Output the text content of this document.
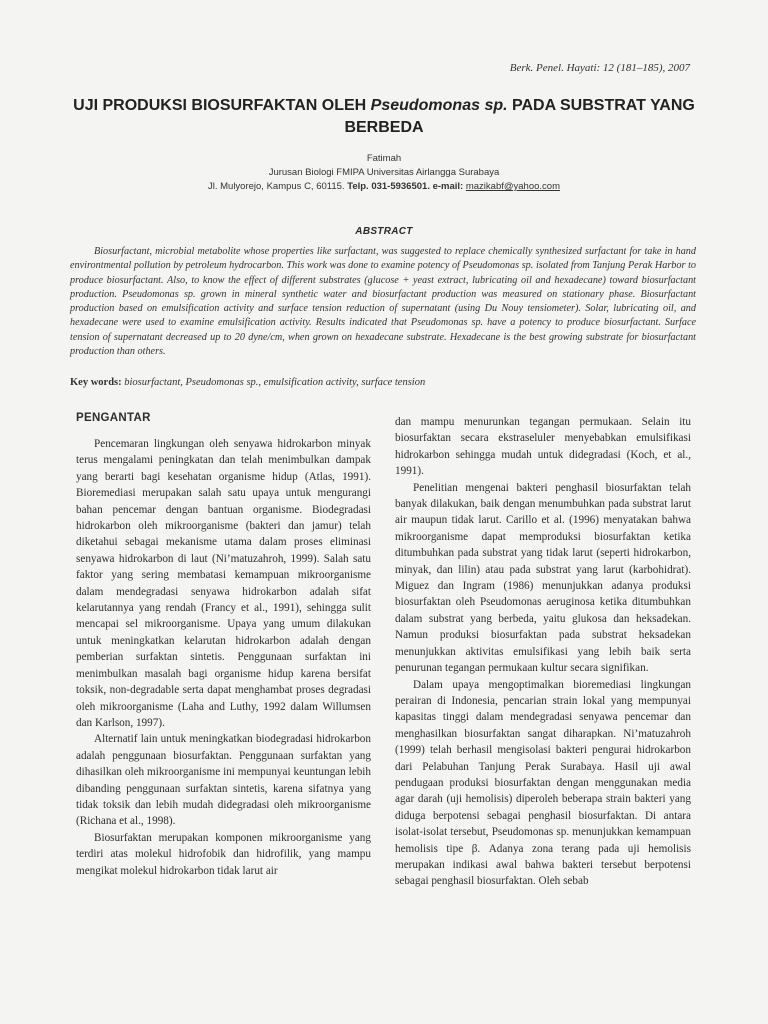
Berk. Penel. Hayati: 12 (181–185), 2007
UJI PRODUKSI BIOSURFAKTAN OLEH Pseudomonas sp. PADA SUBSTRAT YANG BERBEDA
Fatimah
Jurusan Biologi FMIPA Universitas Airlangga Surabaya
Jl. Mulyorejo, Kampus C, 60115. Telp. 031-5936501. e-mail: mazikabf@yahoo.com
ABSTRACT

Biosurfactant, microbial metabolite whose properties like surfactant, was suggested to replace chemically synthesized surfactant for take in hand environtmental pollution by petroleum hydrocarbon. This work was done to examine potency of Pseudomonas sp. isolated from Tanjung Perak Harbor to produce biosurfactant. Also, to know the effect of different substrates (glucose + yeast extract, lubricating oil and hexadecane) toward biosurfactant production. Pseudomonas sp. grown in mineral synthetic water and biosurfactant production was measured on stationary phase. Biosurfactant production based on emulsification activity and surface tension reduction of supernatant (using Du Nouy tensiometer). Solar, lubricating oil, and hexadecane were used to examine emulsification activity. Results indicated that Pseudomonas sp. have a potency to produce biosurfactant. Surface tension of supernatant decreased up to 20 dyne/cm, when grown on hexadecane substrate. Hexadecane is the best growing substrate for biosurfactant production than others.

Key words: biosurfactant, Pseudomonas sp., emulsification activity, surface tension
PENGANTAR

Pencemaran lingkungan oleh senyawa hidrokarbon minyak terus mengalami peningkatan dan telah menimbulkan dampak yang berarti bagi kesehatan organisme hidup (Atlas, 1991). Bioremediasi merupakan salah satu upaya untuk mengurangi bahan pencemar dengan bantuan organisme. Biodegradasi hidrokarbon oleh mikroorganisme (bakteri dan jamur) telah diketahui sebagai mekanisme utama dalam proses eliminasi senyawa hidrokarbon di laut (Ni’matuzahroh, 1999). Salah satu faktor yang sering membatasi kemampuan mikroorganisme dalam mendegradasi senyawa hidrokarbon adalah sifat kelarutannya yang rendah (Francy et al., 1991), sehingga sulit mencapai sel mikroorganisme. Upaya yang umum dilakukan untuk meningkatkan kelarutan hidrokarbon adalah dengan pemberian surfaktan sintetis. Penggunaan surfaktan ini menimbulkan masalah bagi organisme hidup karena bersifat toksik, non-degradable serta dapat menghambat proses degradasi oleh mikroorganisme (Laha and Luthy, 1992 dalam Willumsen dan Karlson, 1997).

Alternatif lain untuk meningkatkan biodegradasi hidrokarbon adalah penggunaan biosurfaktan. Penggunaan surfaktan yang dihasilkan oleh mikroorganisme ini mempunyai keuntungan lebih dibanding penggunaan surfaktan sintetis, karena sifatnya yang tidak toksik dan lebih mudah didegradasi oleh mikroorganisme (Richana et al., 1998).

Biosurfaktan merupakan komponen mikroorganisme yang terdiri atas molekul hidrofobik dan hidrofilik, yang mampu mengikat molekul hidrokarbon tidak larut air

dan mampu menurunkan tegangan permukaan. Selain itu biosurfaktan secara ekstraseluler menyebabkan emulsifikasi hidrokarbon sehingga mudah untuk didegradasi (Koch, et al., 1991).

Penelitian mengenai bakteri penghasil biosurfaktan telah banyak dilakukan, baik dengan menumbuhkan pada substrat larut air maupun tidak larut. Carillo et al. (1996) menyatakan bahwa mikroorganisme dapat memproduksi biosurfaktan ketika ditumbuhkan pada substrat yang tidak larut (seperti hidrokarbon, minyak, dan lilin) atau pada substrat yang larut (karbohidrat). Miguez dan Ingram (1986) menunjukkan adanya produksi biosurfaktan oleh Pseudomonas aeruginosa ketika ditumbuhkan dalam substrat yang berbeda, yaitu glukosa dan heksadekan. Namun produksi biosurfaktan pada substrat heksadekan menunjukkan aktivitas emulsifikasi yang lebih baik serta penurunan tegangan permukaan kultur secara signifikan.

Dalam upaya mengoptimalkan bioremediasi lingkungan perairan di Indonesia, pencarian strain lokal yang mempunyai kapasitas tinggi dalam mendegradasi senyawa pencemar dan menghasilkan biosurfaktan sangat diharapkan. Ni’matuzahroh (1999) telah berhasil mengisolasi bakteri pengurai hidrokarbon dari Pelabuhan Tanjung Perak Surabaya. Hasil uji awal pendugaan produksi biosurfaktan dengan menggunakan media agar darah (uji hemolisis) diperoleh beberapa strain bakteri yang diduga berpotensi sebagai penghasil biosurfaktan. Di antara isolat-isolat tersebut, Pseudomonas sp. menunjukkan kemampuan hemolisis tipe β. Adanya zona terang pada uji hemolisis merupakan indikasi awal bahwa bakteri tersebut berpotensi sebagai penghasil biosurfaktan. Oleh sebab
